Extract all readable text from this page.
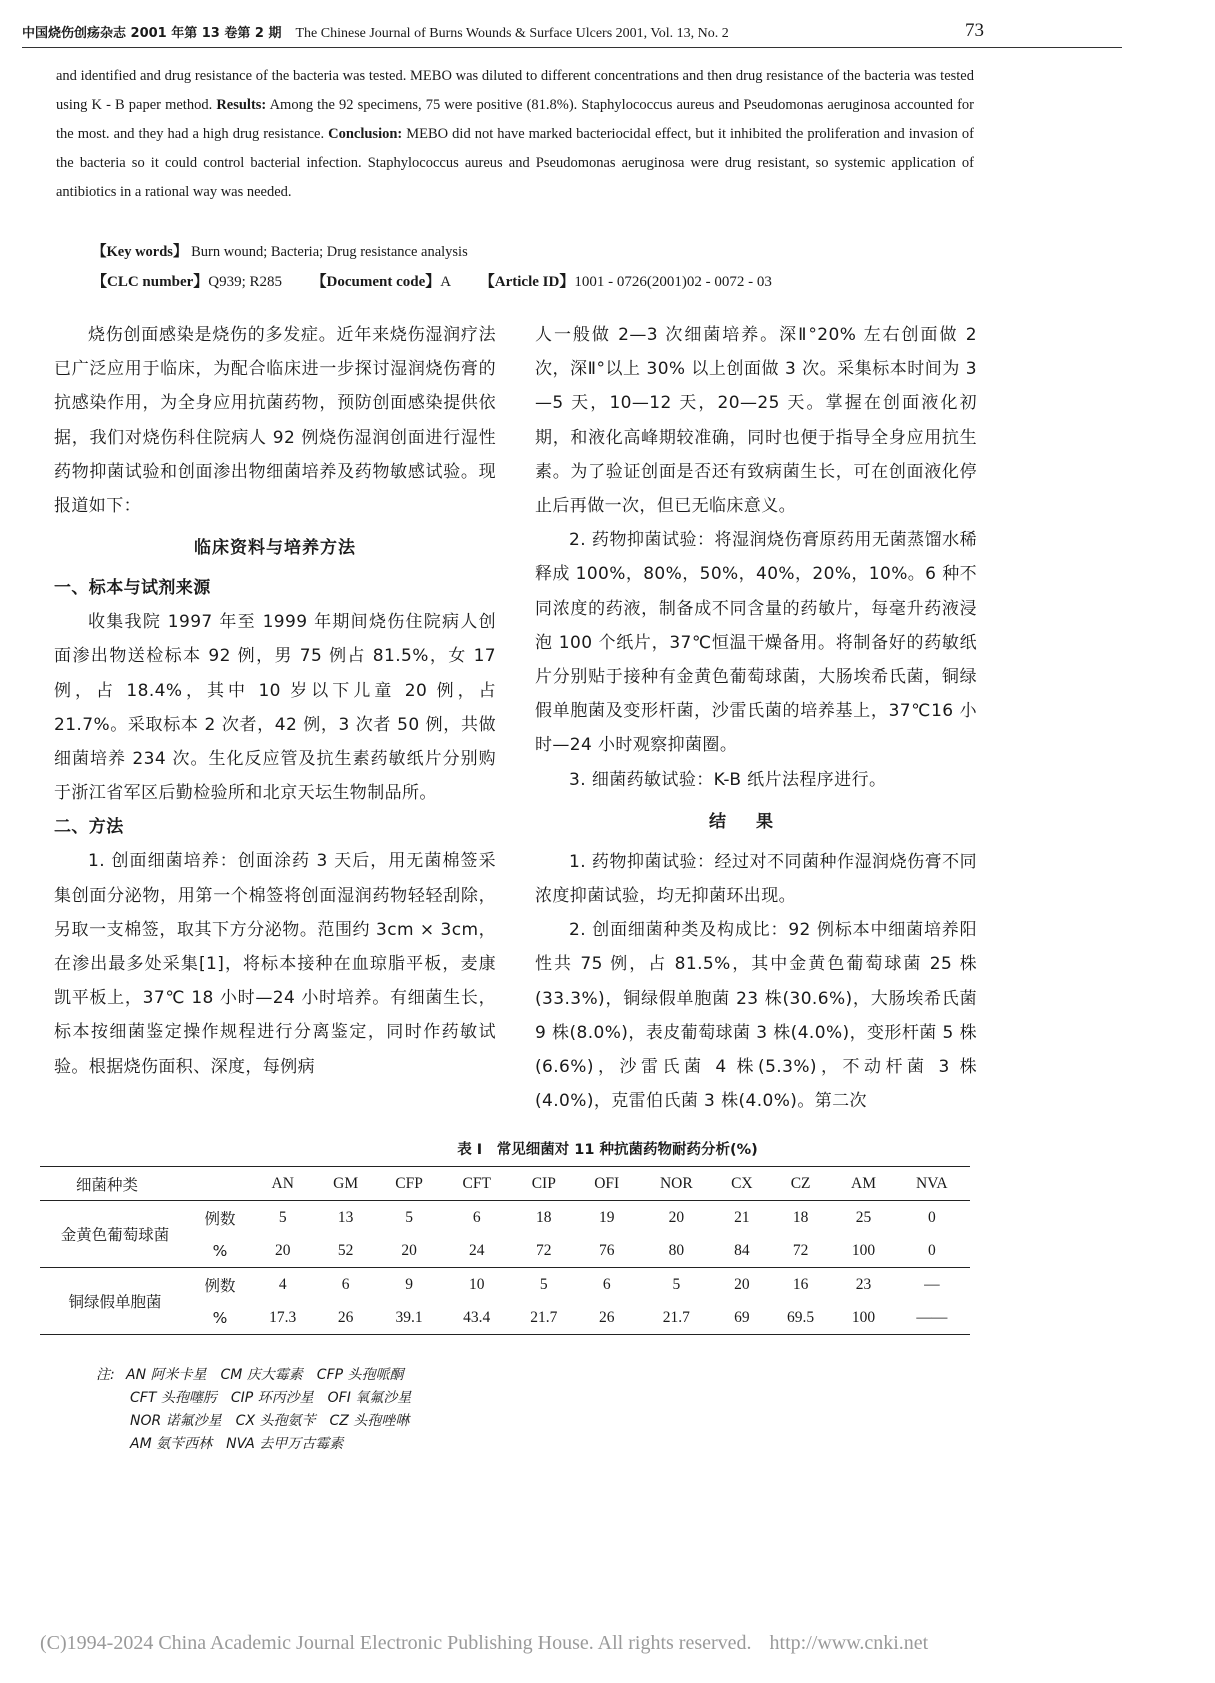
中国烧伤创疡杂志 2001 年第 13 卷第 2 期 The Chinese Journal of Burns Wounds & Surface Ulcers 2001, Vol. 13, No. 2	73
and identified and drug resistance of the bacteria was tested. MEBO was diluted to different concentrations and then drug resistance of the bacteria was tested using K - B paper method. Results: Among the 92 specimens, 75 were positive (81.8%). Staphylococcus aureus and Pseudomonas aeruginosa accounted for the most. and they had a high drug resistance. Conclusion: MEBO did not have marked bacteriocidal effect, but it inhibited the proliferation and invasion of the bacteria so it could control bacterial infection. Staphylococcus aureus and Pseudomonas aeruginosa were drug resistant, so systemic application of antibiotics in a rational way was needed.
【Key words】 Burn wound; Bacteria; Drug resistance analysis
【CLC number】Q939; R285 【Document code】A 【Article ID】1001 - 0726(2001)02 - 0072 - 03

烧伤创面感染是烧伤的多发症。近年来烧伤湿润疗法已广泛应用于临床，为配合临床进一步探讨湿润烧伤膏的抗感染作用，为全身应用抗菌药物，预防创面感染提供依据，我们对烧伤科住院病人 92 例烧伤湿润创面进行湿性药物抑菌试验和创面渗出物细菌培养及药物敏感试验。现报道如下：

临床资料与培养方法
一、标本与试剂来源

收集我院 1997 年至 1999 年期间烧伤住院病人创面渗出物送检标本 92 例，男 75 例占 81.5%，女 17 例，占 18.4%，其中 10 岁以下儿童 20 例，占 21.7%。采取标本 2 次者，42 例，3 次者 50 例，共做细菌培养 234 次。生化反应管及抗生素药敏纸片分别购于浙江省军区后勤检验所和北京天坛生物制品所。

二、方法

1. 创面细菌培养：创面涂药 3 天后，用无菌棉签采集创面分泌物，用第一个棉签将创面湿润药物轻轻刮除，另取一支棉签，取其下方分泌物。范围约 3cm × 3cm，在渗出最多处采集[1]，将标本接种在血琼脂平板，麦康凯平板上，37℃ 18 小时—24 小时培养。有细菌生长，标本按细菌鉴定操作规程进行分离鉴定，同时作药敏试验。根据烧伤面积、深度，每例病

人一般做 2—3 次细菌培养。深Ⅱ°20% 左右创面做 2 次，深Ⅱ°以上 30% 以上创面做 3 次。采集标本时间为 3—5 天，10—12 天，20—25 天。掌握在创面液化初期，和液化高峰期较准确，同时也便于指导全身应用抗生素。为了验证创面是否还有致病菌生长，可在创面液化停止后再做一次，但已无临床意义。

2. 药物抑菌试验：将湿润烧伤膏原药用无菌蒸馏水稀释成 100%，80%，50%，40%，20%，10%。6 种不同浓度的药液，制备成不同含量的药敏片，每毫升药液浸泡 100 个纸片，37℃恒温干燥备用。将制备好的药敏纸片分别贴于接种有金黄色葡萄球菌，大肠埃希氏菌，铜绿假单胞菌及变形杆菌，沙雷氏菌的培养基上，37℃16 小时—24 小时观察抑菌圈。

3. 细菌药敏试验：K-B 纸片法程序进行。

结果

1. 药物抑菌试验：经过对不同菌种作湿润烧伤膏不同浓度抑菌试验，均无抑菌环出现。

2. 创面细菌种类及构成比：92 例标本中细菌培养阳性共 75 例，占 81.5%，其中金黄色葡萄球菌 25 株(33.3%)，铜绿假单胞菌 23 株(30.6%)，大肠埃希氏菌 9 株(8.0%)，表皮葡萄球菌 3 株(4.0%)，变形杆菌 5 株(6.6%)，沙雷氏菌 4 株(5.3%)，不动杆菌 3 株(4.0%)，克雷伯氏菌 3 株(4.0%)。第二次

表 I　常见细菌对 11 种抗菌药物耐药分析(%)
细菌种类		AN	GM	CFP	CFT	CIP	OFI	NOR	CX	CZ	AM	NVA
金黄色葡萄球菌	例数	5	13	5	6	18	19	20	21	18	25	0
	%	20	52	20	24	72	76	80	84	72	100	0
铜绿假单胞菌	例数	4	6	9	10	5	6	5	20	16	23	—
	%	17.3	26	39.1	43.4	21.7	26	21.7	69	69.5	100	——
注: AN 阿米卡星　CM 庆大霉素　CFP 头孢哌酮
CFT 头孢噻肟　CIP 环丙沙星　OFI 氧氟沙星
NOR 诺氟沙星　CX 头孢氨苄　CZ 头孢唑啉
AM 氨苄西林　NVA 去甲万古霉素
(C)1994-2024 China Academic Journal Electronic Publishing House. All rights reserved. http://www.cnki.net
